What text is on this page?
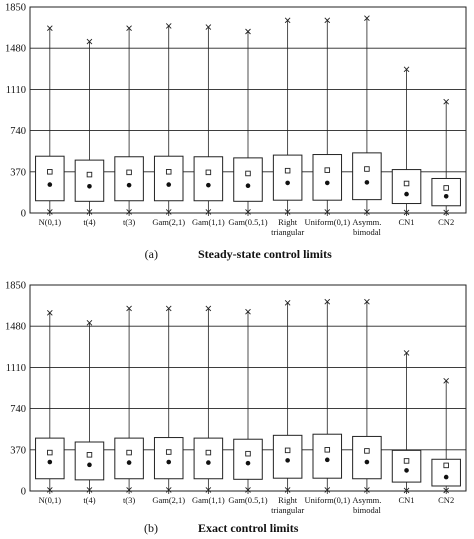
0
370
740
1110
1480
1850
N(0,1)	t(4)	t(3) Gam(2,1) Gam(1,1) Gam(0.5,1) Right
triangular
Uniform(0,1) Asymm.
bimodal
CN1	CN2
(a)	Steady-state control limits
0
370
740
1110
1480
1850
N(0,1)	t(4)	t(3) Gam(2,1) Gam(1,1) Gam(0.5,1) Right
triangular
Uniform(0,1) Asymm.
bimodal
CN1	CN2
(b)	Exact control limits
